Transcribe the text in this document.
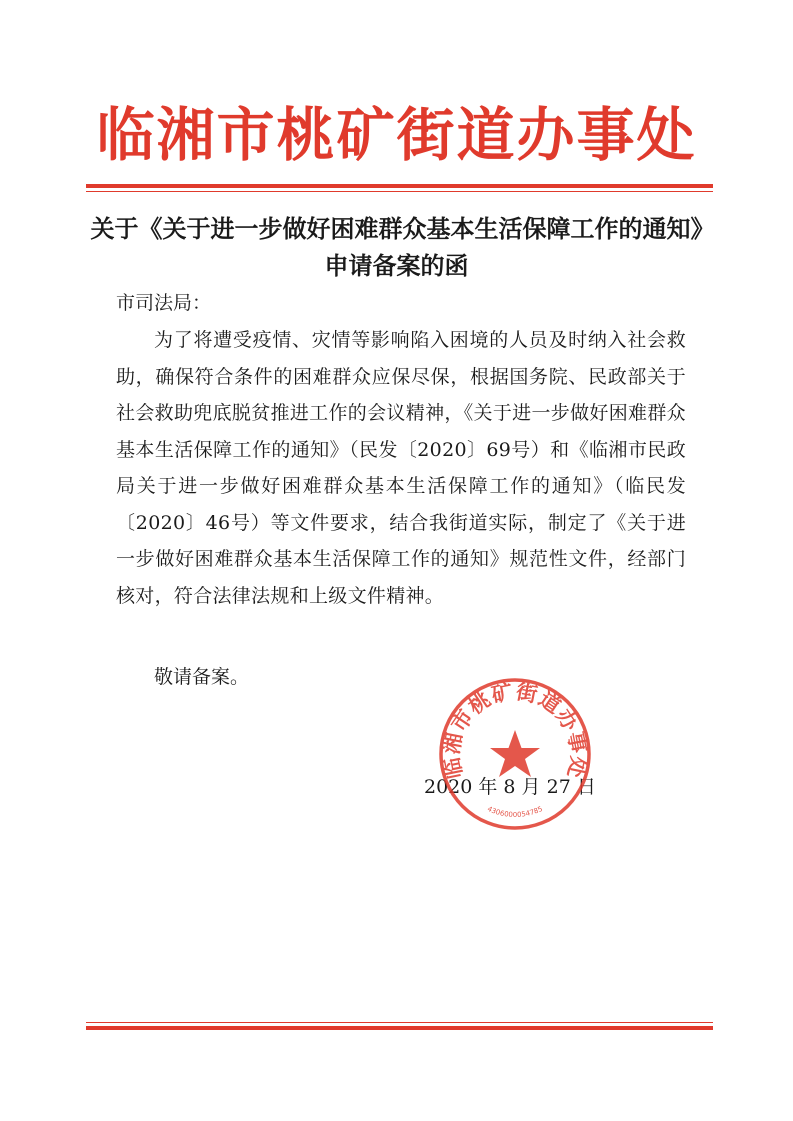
临湘市桃矿街道办事处
关于《关于进一步做好困难群众基本生活保障工作的通知》申请备案的函
市司法局：

为了将遭受疫情、灾情等影响陷入困境的人员及时纳入社会救助，确保符合条件的困难群众应保尽保，根据国务院、民政部关于社会救助兜底脱贫推进工作的会议精神，《关于进一步做好困难群众基本生活保障工作的通知》（民发〔2020〕69号）和《临湘市民政局关于进一步做好困难群众基本生活保障工作的通知》（临民发〔2020〕46号）等文件要求，结合我街道实际，制定了《关于进一步做好困难群众基本生活保障工作的通知》规范性文件，经部门核对，符合法律法规和上级文件精神。

敬请备案。
2020 年 8 月 27 日
临湘市桃矿街道办事处
4306000054785
